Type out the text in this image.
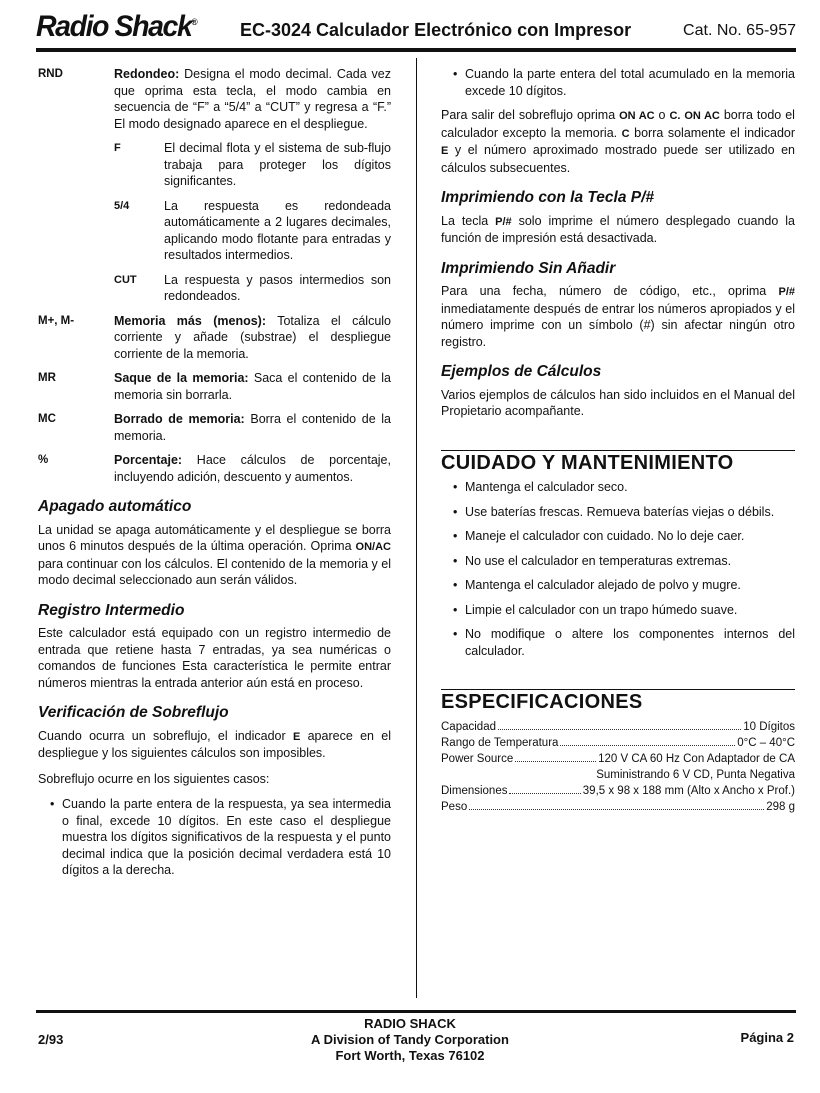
Radio Shack® EC-3024 Calculador Electrónico con Impresor	Cat. No. 65-957
RND	Redondeo: Designa el modo decimal. Cada vez que oprima esta tecla, el modo cambia en secuencia de “F” a “5/4” a “CUT” y regresa a “F.” El modo designado aparece en el despliegue.
F	El decimal flota y el sistema de sub-flujo trabaja para proteger los dígitos significantes.
5/4	La respuesta es redondeada automáticamente a 2 lugares decimales, aplicando modo flotante para entradas y resultados intermedios.
CUT	La respuesta y pasos intermedios son redondeados.
M+, M-	Memoria más (menos): Totaliza el cálculo corriente y añade (substrae) el despliegue corriente de la memoria.
MR	Saque de la memoria: Saca el contenido de la memoria sin borrarla.
MC	Borrado de memoria: Borra el contenido de la memoria.
%	Porcentaje: Hace cálculos de porcentaje, incluyendo adición, descuento y aumentos.
Apagado automático

La unidad se apaga automáticamente y el despliegue se borra unos 6 minutos después de la última operación. Oprima ON/AC para continuar con los cálculos. El contenido de la memoria y el modo decimal seleccionado aun serán válidos.

Registro Intermedio

Este calculador está equipado con un registro intermedio de entrada que retiene hasta 7 entradas, ya sea numéricas o comandos de funciones Esta característica le permite entrar números mientras la entrada anterior aún está en proceso.

Verificación de Sobreflujo

Cuando ocurra un sobreflujo, el indicador E aparece en el despliegue y los siguientes cálculos son imposibles.

Sobreflujo ocurre en los siguientes casos:

• Cuando la parte entera de la respuesta, ya sea intermedia o final, excede 10 dígitos. En este caso el despliegue muestra los dígitos significativos de la respuesta y el punto decimal indica que la posición decimal verdadera está 10 dígitos a la derecha.
• Cuando la parte entera del total acumulado en la memoria excede 10 dígitos.

Para salir del sobreflujo oprima ON AC o C. ON AC borra todo el calculador excepto la memoria. C borra solamente el indicador E y el número aproximado mostrado puede ser utilizado en cálculos subsecuentes.

Imprimiendo con la Tecla P/#

La tecla P/# solo imprime el número desplegado cuando la función de impresión está desactivada.

Imprimiendo Sin Añadir

Para una fecha, número de código, etc., oprima P/# inmediatamente después de entrar los números apropiados y el número imprime con un símbolo (#) sin afectar ningún otro registro.

Ejemplos de Cálculos

Varios ejemplos de cálculos han sido incluidos en el Manual del Propietario acompañante.

CUIDADO Y MANTENIMIENTO
• Mantenga el calculador seco.
• Use baterías frescas. Remueva baterías viejas o débils.
• Maneje el calculador con cuidado. No lo deje caer.
• No use el calculador en temperaturas extremas.
• Mantenga el calculador alejado de polvo y mugre.
• Limpie el calculador con un trapo húmedo suave.
• No modifique o altere los componentes internos del calculador.
ESPECIFICACIONES
Capacidad	10 Dígitos
Rango de Temperatura	0°C – 40°C
Power Source	120 V CA 60 Hz Con Adaptador de CA
Suministrando 6 V CD, Punta Negativa
Dimensiones	39,5 x 98 x 188 mm (Alto x Ancho x Prof.)
Peso	298 g
2/93
RADIO SHACK
A Division of Tandy Corporation
Fort Worth, Texas 76102
Página 2
